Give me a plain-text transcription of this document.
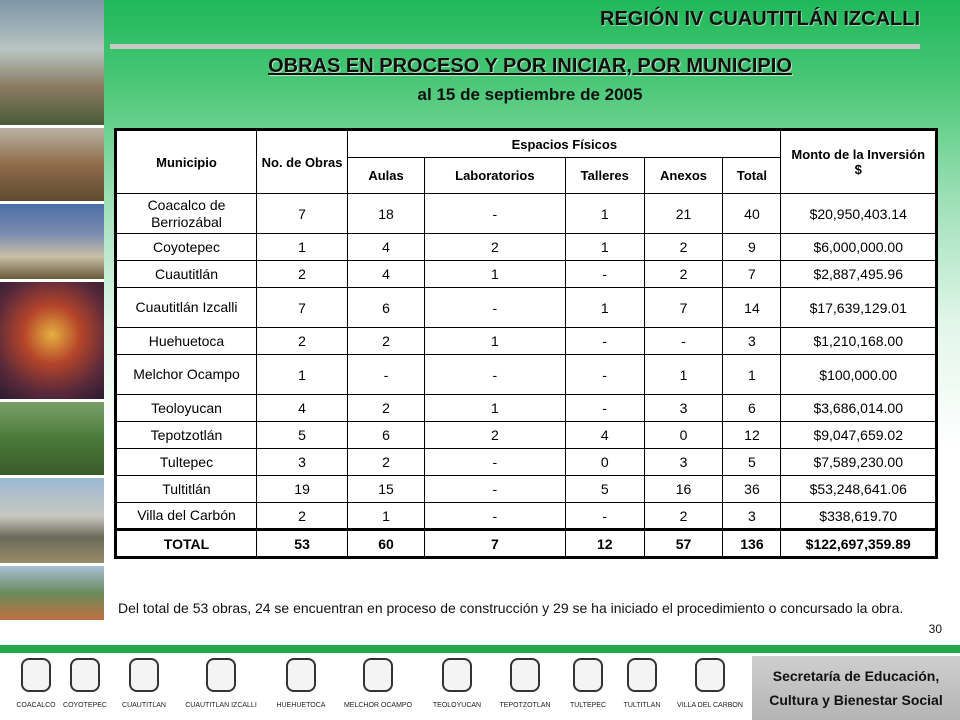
REGIÓN IV CUAUTITLÁN IZCALLI
OBRAS EN PROCESO Y POR INICIAR, POR MUNICIPIO
al 15 de septiembre de 2005
Municipio	No. de Obras	Espacios Físicos					Monto de la Inversión
$
		Aulas	Laboratorios	Talleres	Anexos	Total	
Coacalco de Berriozábal	7	18	-	1	21	40	$20,950,403.14
Coyotepec	1	4	2	1	2	9	$6,000,000.00
Cuautitlán	2	4	1	-	2	7	$2,887,495.96
Cuautitlán Izcalli	7	6	-	1	7	14	$17,639,129.01
Huehuetoca	2	2	1	-	-	3	$1,210,168.00
Melchor Ocampo	1	-	-	-	1	1	$100,000.00
Teoloyucan	4	2	1	-	3	6	$3,686,014.00
Tepotzotlán	5	6	2	4	0	12	$9,047,659.02
Tultepec	3	2	-	0	3	5	$7,589,230.00
Tultitlán	19	15	-	5	16	36	$53,248,641.06
Villa del Carbón	2	1	-	-	2	3	$338,619.70
TOTAL	53	60	7	12	57	136	$122,697,359.89
Del total de 53 obras, 24 se encuentran en proceso de construcción y 29 se ha iniciado el procedimiento o concursado la obra.
30
COACALCO	COYOTEPEC	CUAUTITLAN	CUAUTITLAN IZCALLI	HUEHUETOCA	MELCHOR OCAMPO	TEOLOYUCAN	TEPOTZOTLAN	TULTEPEC	TULTITLAN	VILLA DEL CARBON
Secretaría de Educación,
Cultura y Bienestar Social
